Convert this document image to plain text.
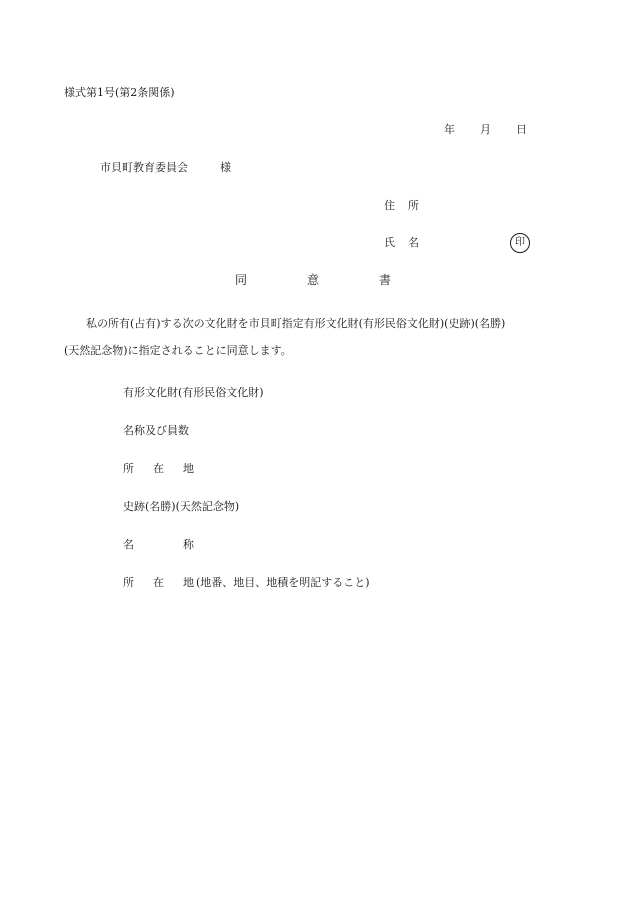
様式第1号(第2条関係)
年 月 日
市貝町教育委員会	様
住 所
氏 名	印
同	意	書
私の所有(占有)する次の文化財を市貝町指定有形文化財(有形民俗文化財)(史跡)(名勝)
(天然記念物)に指定されることに同意します。
有形文化財(有形民俗文化財)
名称及び員数
所 在 地
史跡(名勝)(天然記念物)
名	称
所 在 地 (地番、地目、地積を明記すること)
